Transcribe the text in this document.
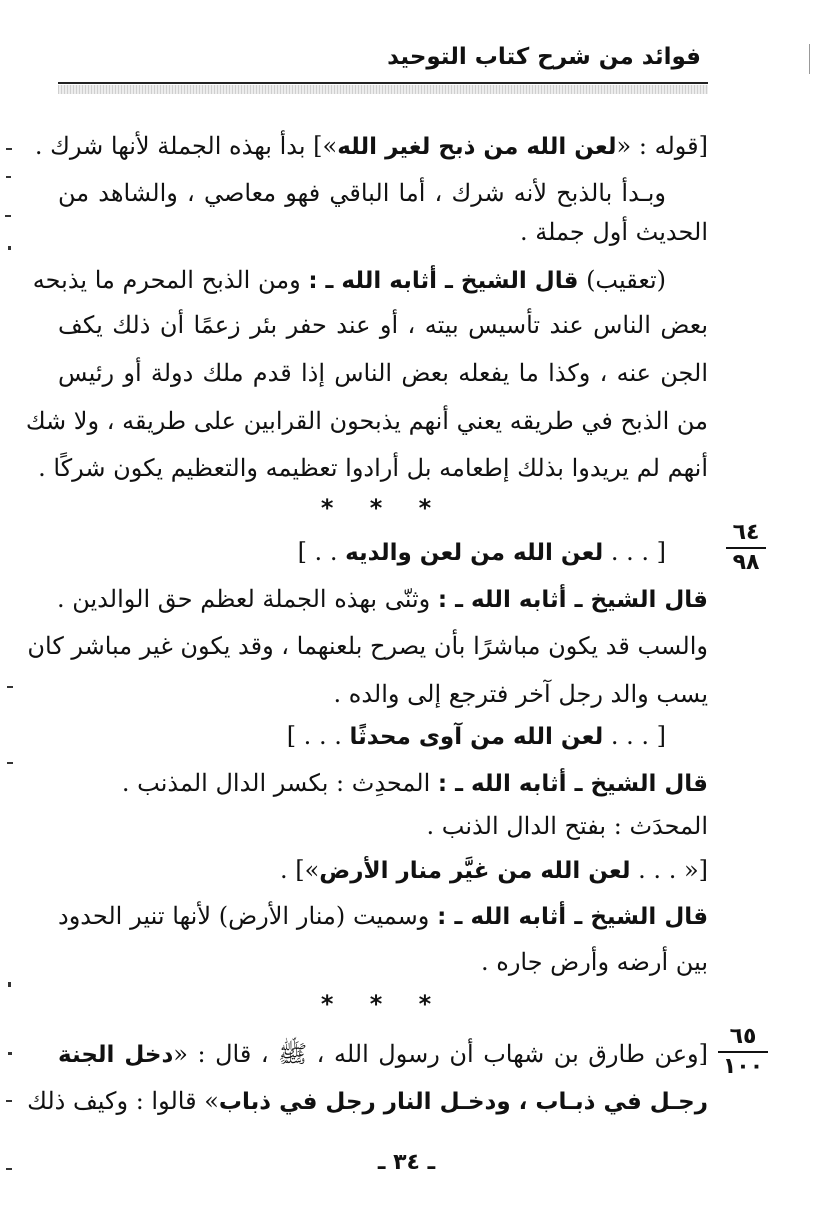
فوائد من شرح كتاب التوحيد
[قوله : «لعن الله من ذبح لغير الله»] بدأ بهذه الجملة لأنها شرك .
وبـدأ بالذبح لأنه شرك ، أما الباقي فهو معاصي ، والشاهد من
الحديث أول جملة .
(تعقيب) قال الشيخ ـ أثابه الله ـ : ومن الذبح المحرم ما يذبحه
بعض الناس عند تأسيس بيته ، أو عند حفر بئر زعمًا أن ذلك يكف
الجن عنه ، وكذا ما يفعله بعض الناس إذا قدم ملك دولة أو رئيس
من الذبح في طريقه يعني أنهم يذبحون القرابين على طريقه ، ولا شك
أنهم لم يريدوا بذلك إطعامه بل أرادوا تعظيمه والتعظيم يكون شركًا .
* * *
٦٤
٩٨
[ . . . لعن الله من لعن والديه . . ]
قال الشيخ ـ أثابه الله ـ : وثنّى بهذه الجملة لعظم حق الوالدين .
والسب قد يكون مباشرًا بأن يصرح بلعنهما ، وقد يكون غير مباشر كان
يسب والد رجل آخر فترجع إلى والده .
[ . . . لعن الله من آوى محدثًا . . . ]
قال الشيخ ـ أثابه الله ـ : المحدِث : بكسر الدال المذنب .
المحدَث : بفتح الدال الذنب .
[« . . . لعن الله من غيَّر منار الأرض»] .
قال الشيخ ـ أثابه الله ـ : وسميت (منار الأرض) لأنها تنير الحدود
بين أرضه وأرض جاره .
* * *
٦٥
١٠٠
[وعن طارق بن شهاب أن رسول الله ، ﷺ ، قال : «دخل الجنة
رجـل في ذبـاب ، ودخـل النار رجل في ذباب» قالوا : وكيف ذلك
ـ ٣٤ ـ
